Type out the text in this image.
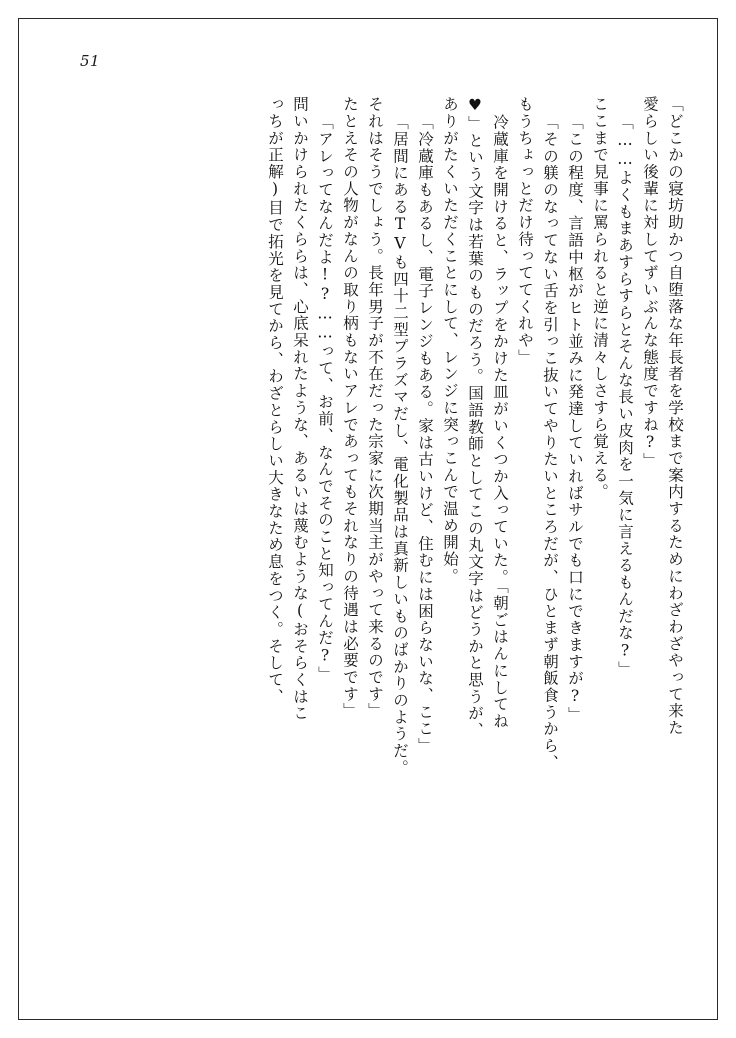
51
「どこかの寝坊助かつ自堕落な年長者を学校まで案内するためにわざわざやって来た
愛らしい後輩に対してずいぶんな態度ですね?」
「……よくもまあすらすらとそんな長い皮肉を一気に言えるもんだな?」
ここまで見事に罵られると逆に清々しさすら覚える。
「この程度、言語中枢がヒト並みに発達していればサルでも口にできますが?」
「その躾のなってない舌を引っこ抜いてやりたいところだが、ひとまず朝飯食うから、
もうちょっとだけ待っててくれや」
冷蔵庫を開けると、ラップをかけた皿がいくつか入っていた。「朝ごはんにしてね
♥」という文字は若葉のものだろう。国語教師としてこの丸文字はどうかと思うが、
ありがたくいただくことにして、レンジに突っこんで温め開始。
「冷蔵庫もあるし、電子レンジもある。家は古いけど、住むには困らないな、ここ」
「居間にあるTVも四十二型プラズマだし、電化製品は真新しいものばかりのようだ。
それはそうでしょう。長年男子が不在だった宗家に次期当主がやって来るのです」
たとえその人物がなんの取り柄もないアレであってもそれなりの待遇は必要です」
「アレってなんだよ!?……って、お前、なんでそのこと知ってんだ?」
問いかけられたくららは、心底呆れたような、あるいは蔑むような(おそらくはこ
っちが正解)目で拓光を見てから、わざとらしい大きなため息をつく。そして、
